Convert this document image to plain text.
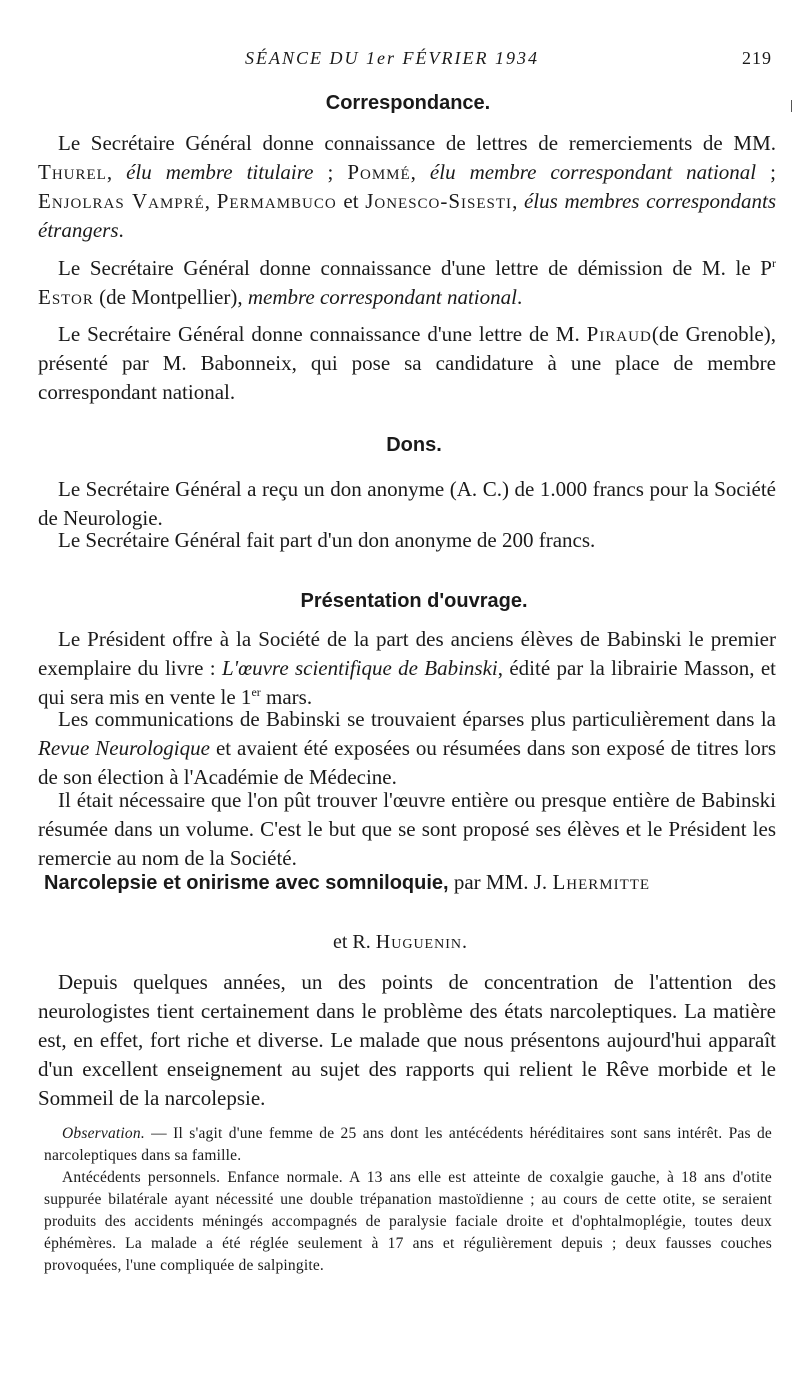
SÉANCE DU 1er FÉVRIER 1934	219
Correspondance.

Le Secrétaire Général donne connaissance de lettres de remerciements de MM. Thurel, élu membre titulaire ; Pommé, élu membre correspondant national ; Enjolras Vampré, Permambuco et Jonesco-Sisesti, élus membres correspondants étrangers.

Le Secrétaire Général donne connaissance d'une lettre de démission de M. le $P^r$ Estor (de Montpellier), membre correspondant national.

Le Secrétaire Général donne connaissance d'une lettre de M. Piraud(de Grenoble), présenté par M. Babonneix, qui pose sa candidature à une place de membre correspondant national.

Dons.

Le Secrétaire Général a reçu un don anonyme (A. C.) de 1.000 francs pour la Société de Neurologie.

Le Secrétaire Général fait part d'un don anonyme de 200 francs.

Présentation d'ouvrage.

Le Président offre à la Société de la part des anciens élèves de Babinski le premier exemplaire du livre : L'œuvre scientifique de Babinski, édité par la librairie Masson, et qui sera mis en vente le 1er mars.

Les communications de Babinski se trouvaient éparses plus particulièrement dans la Revue Neurologique et avaient été exposées ou résumées dans son exposé de titres lors de son élection à l'Académie de Médecine.

Il était nécessaire que l'on pût trouver l'œuvre entière ou presque entière de Babinski résumée dans un volume. C'est le but que se sont proposé ses élèves et le Président les remercie au nom de la Société.

Narcolepsie et onirisme avec somniloquie, par MM. J. Lhermitte

et R. Huguenin.

Depuis quelques années, un des points de concentration de l'attention des neurologistes tient certainement dans le problème des états narcoleptiques. La matière est, en effet, fort riche et diverse. Le malade que nous présentons aujourd'hui apparaît d'un excellent enseignement au sujet des rapports qui relient le Rêve morbide et le Sommeil de la narcolepsie.

Observation. — Il s'agit d'une femme de 25 ans dont les antécédents héréditaires sont sans intérêt. Pas de narcoleptiques dans sa famille.

Antécédents personnels. Enfance normale. A 13 ans elle est atteinte de coxalgie gauche, à 18 ans d'otite suppurée bilatérale ayant nécessité une double trépanation mastoïdienne ; au cours de cette otite, se seraient produits des accidents méningés accompagnés de paralysie faciale droite et d'ophtalmoplégie, toutes deux éphémères. La malade a été réglée seulement à 17 ans et régulièrement depuis ; deux fausses couches provoquées, l'une compliquée de salpingite.
